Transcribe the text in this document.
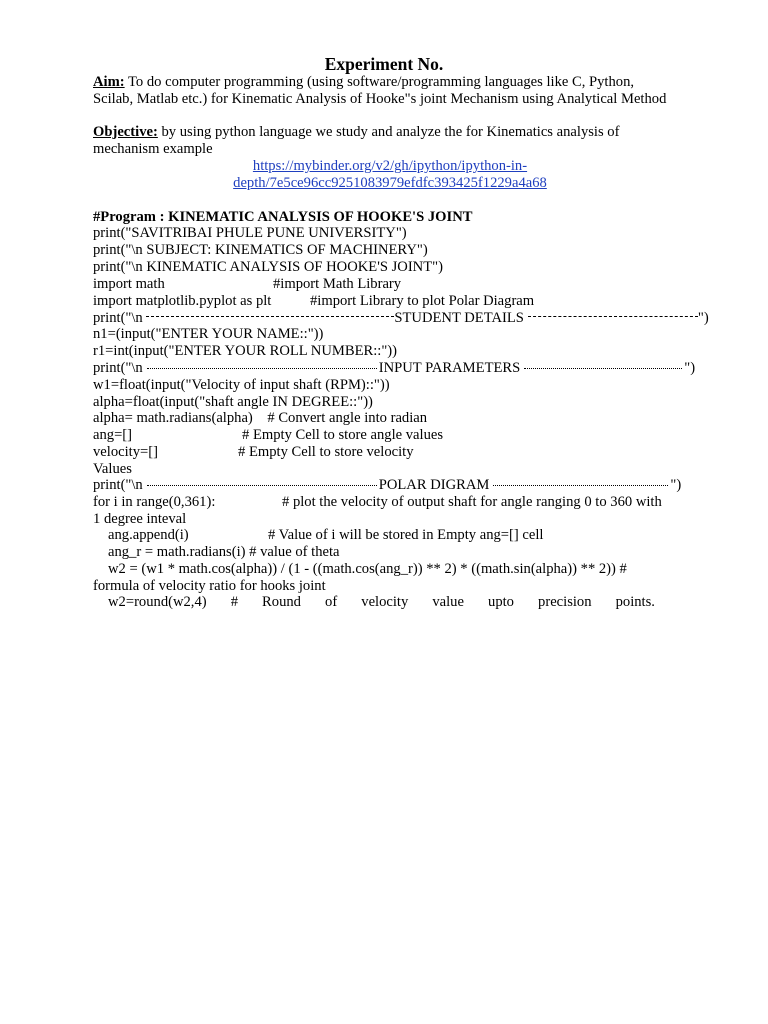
Experiment No.
Aim: To do computer programming (using software/programming languages like C, Python,
Scilab, Matlab etc.) for Kinematic Analysis of Hooke"s joint Mechanism using Analytical Method
Objective: by using python language we study and analyze the for Kinematics analysis of
mechanism example
https://mybinder.org/v2/gh/ipython/ipython-in-
depth/7e5ce96cc9251083979efdfc393425f1229a4a68
#Program : KINEMATIC ANALYSIS OF HOOKE'S JOINT
print("SAVITRIBAI PHULE PUNE UNIVERSITY")
print("\n SUBJECT: KINEMATICS OF MACHINERY")
print("\n KINEMATIC ANALYSIS OF HOOKE'S JOINT")
import math	#import Math Library
import matplotlib.pyplot as plt	#import Library to plot Polar Diagram
print("\n	STUDENT DETAILS	")
n1=(input("ENTER YOUR NAME::"))
r1=int(input("ENTER YOUR ROLL NUMBER::"))
print("\n	INPUT PARAMETERS	")
w1=float(input("Velocity of input shaft (RPM)::"))
alpha=float(input("shaft angle IN DEGREE::"))
alpha= math.radians(alpha)    # Convert angle into radian
ang=[]	# Empty Cell to store angle values
velocity=[]	# Empty Cell to store velocity
Values
print("\n	POLAR DIGRAM	")
for i in range(0,361):	# plot the velocity of output shaft for angle ranging 0 to 360 with
1 degree inteval
ang.append(i)	# Value of i will be stored in Empty ang=[] cell
ang_r = math.radians(i) # value of theta
w2 = (w1 * math.cos(alpha)) / (1 - ((math.cos(ang_r)) ** 2) * ((math.sin(alpha)) ** 2)) #
formula of velocity ratio for hooks joint
w2=round(w2,4) # Round of velocity value upto precision points.
